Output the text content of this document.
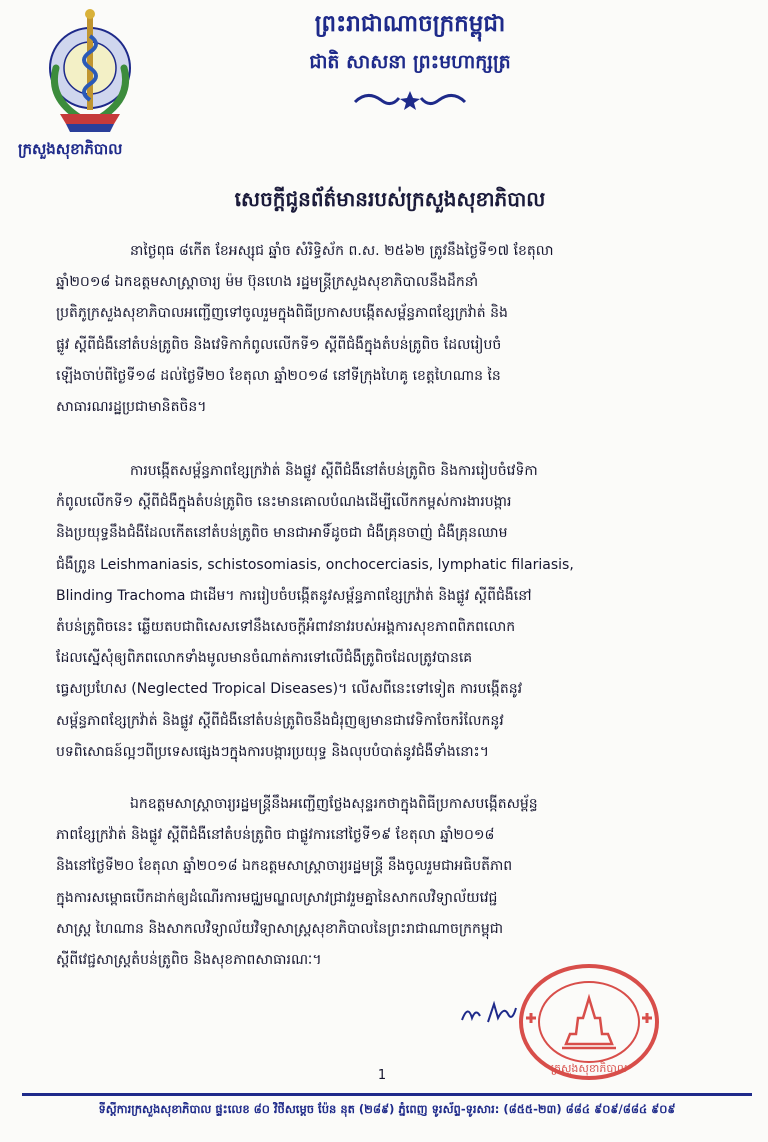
ក្រសួងសុខាភិបាល
ព្រះរាជាណាចក្រកម្ពុជា
ជាតិ សាសនា ព្រះមហាក្សត្រ
សេចក្តីជូនព័ត៌មានរបស់ក្រសួងសុខាភិបាល
នាថ្ងៃពុធ ៨កើត ខែអស្សុជ ឆ្នាំច សំរិទ្ធិស័ក ព.ស. ២៥៦២ ត្រូវនឹងថ្ងៃទី១៧ ខែតុលា
ឆ្នាំ២០១៨ ឯកឧត្តមសាស្ត្រាចារ្យ ម៉ម ប៊ុនហេង រដ្ឋមន្ត្រីក្រសួងសុខាភិបាលនឹងដឹកនាំ
ប្រតិភូក្រសួងសុខាភិបាលអញ្ជើញទៅចូលរួមក្នុងពិធីប្រកាសបង្កើតសម្ព័ន្ធភាពខ្សែក្រវ៉ាត់ និង
ផ្លូវ ស្តីពីជំងឺនៅតំបន់ត្រូពិច និងវេទិកាកំពូលលើកទី១ ស្តីពីជំងឺក្នុងតំបន់ត្រូពិច ដែលរៀបចំ
ឡើងចាប់ពីថ្ងៃទី១៨ ដល់ថ្ងៃទី២០ ខែតុលា ឆ្នាំ២០១៨ នៅទីក្រុងហៃគូ ខេត្តហៃណាន នៃ
សាធារណរដ្ឋប្រជាមានិតចិន។
ការបង្កើតសម្ព័ន្ធភាពខ្សែក្រវ៉ាត់ និងផ្លូវ ស្តីពីជំងឺនៅតំបន់ត្រូពិច និងការរៀបចំវេទិកា
កំពូលលើកទី១ ស្តីពីជំងឺក្នុងតំបន់ត្រូពិច នេះមានគោលបំណងដើម្បីលើកកម្ពស់ការងារបង្ការ
និងប្រយុទ្ធនឹងជំងឺដែលកើតនៅតំបន់ត្រូពិច មានជាអាទិ៍ដូចជា ជំងឺគ្រុនចាញ់ ជំងឺគ្រុនឈាម
ជំងឺព្រូន Leishmaniasis, schistosomiasis, onchocerciasis, lymphatic filariasis,
Blinding Trachoma ជាដើម។ ការរៀបចំបង្កើតនូវសម្ព័ន្ធភាពខ្សែក្រវ៉ាត់ និងផ្លូវ ស្តីពីជំងឺនៅ
តំបន់ត្រូពិចនេះ ឆ្លើយតបជាពិសេសទៅនឹងសេចក្តីអំពាវនាវរបស់អង្គការសុខភាពពិភពលោក
ដែលស្នើសុំឲ្យពិភពលោកទាំងមូលមានចំណាត់ការទៅលើជំងឺត្រូពិចដែលត្រូវបានគេ
ធ្វេសប្រហែស (Neglected Tropical Diseases)។ លើសពីនេះទៅទៀត ការបង្កើតនូវ
សម្ព័ន្ធភាពខ្សែក្រវ៉ាត់ និងផ្លូវ ស្តីពីជំងឺនៅតំបន់ត្រូពិចនឹងជំរុញឲ្យមានជាវេទិកាចែករំលែកនូវ
បទពិសោធន៍ល្អៗពីប្រទេសផ្សេងៗក្នុងការបង្ការប្រយុទ្ធ និងលុបបំបាត់នូវជំងឺទាំងនោះ។
ឯកឧត្តមសាស្ត្រាចារ្យរដ្ឋមន្ត្រីនឹងអញ្ជើញថ្លែងសុន្ទរកថាក្នុងពិធីប្រកាសបង្កើតសម្ព័ន្ធ
ភាពខ្សែក្រវ៉ាត់ និងផ្លូវ ស្តីពីជំងឺនៅតំបន់ត្រូពិច ជាផ្លូវការនៅថ្ងៃទី១៩ ខែតុលា ឆ្នាំ២០១៨
និងនៅថ្ងៃទី២០ ខែតុលា ឆ្នាំ២០១៨ ឯកឧត្តមសាស្ត្រាចារ្យរដ្ឋមន្ត្រី នឹងចូលរួមជាអធិបតីភាព
ក្នុងការសម្ពោធបើកដាក់ឲ្យដំណើរការមជ្ឈមណ្ឌលស្រាវជ្រាវរួមគ្នានៃសាកលវិទ្យាល័យវេជ្ជ
សាស្ត្រ ហៃណាន និងសាកលវិទ្យាល័យវិទ្យាសាស្ត្រសុខាភិបាលនៃព្រះរាជាណាចក្រកម្ពុជា
ស្តីពីវេជ្ជសាស្ត្រតំបន់ត្រូពិច និងសុខភាពសាធារណៈ។
ក្រសួងសុខាភិបាល
1
ទីស្តីការក្រសួងសុខាភិបាល ផ្ទះលេខ ៨០ វិថីសម្តេច ប៉ែន នុត (២៨៩) ភ្នំពេញ ទូរស័ព្ទ-ទូរសារ: (៨៥៥-២៣) ៨៨៤ ៩០៩/៨៨៤ ៩០៩
